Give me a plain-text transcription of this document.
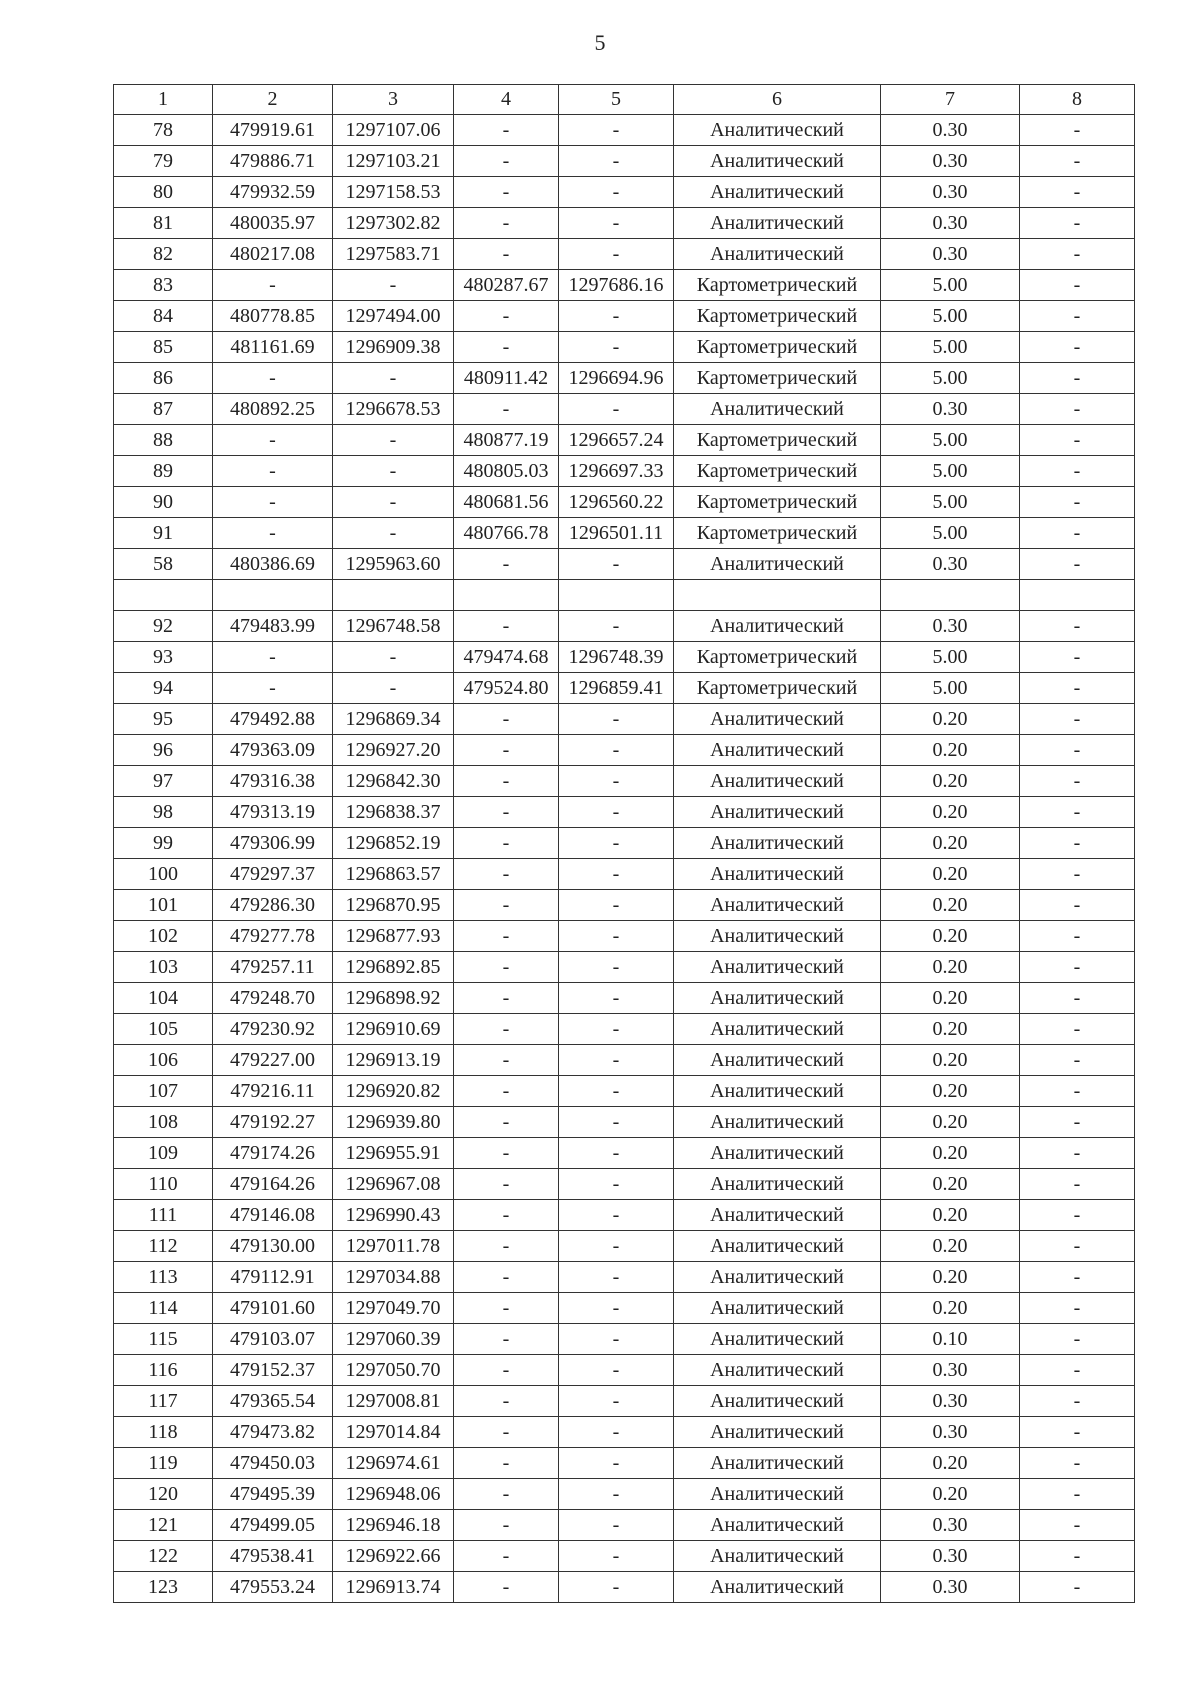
5
1	2	3	4	5	6	7	8
78	479919.61	1297107.06	-	-	Аналитический	0.30	-
79	479886.71	1297103.21	-	-	Аналитический	0.30	-
80	479932.59	1297158.53	-	-	Аналитический	0.30	-
81	480035.97	1297302.82	-	-	Аналитический	0.30	-
82	480217.08	1297583.71	-	-	Аналитический	0.30	-
83	-	-	480287.67	1297686.16	Картометрический	5.00	-
84	480778.85	1297494.00	-	-	Картометрический	5.00	-
85	481161.69	1296909.38	-	-	Картометрический	5.00	-
86	-	-	480911.42	1296694.96	Картометрический	5.00	-
87	480892.25	1296678.53	-	-	Аналитический	0.30	-
88	-	-	480877.19	1296657.24	Картометрический	5.00	-
89	-	-	480805.03	1296697.33	Картометрический	5.00	-
90	-	-	480681.56	1296560.22	Картометрический	5.00	-
91	-	-	480766.78	1296501.11	Картометрический	5.00	-
58	480386.69	1295963.60	-	-	Аналитический	0.30	-

92	479483.99	1296748.58	-	-	Аналитический	0.30	-
93	-	-	479474.68	1296748.39	Картометрический	5.00	-
94	-	-	479524.80	1296859.41	Картометрический	5.00	-
95	479492.88	1296869.34	-	-	Аналитический	0.20	-
96	479363.09	1296927.20	-	-	Аналитический	0.20	-
97	479316.38	1296842.30	-	-	Аналитический	0.20	-
98	479313.19	1296838.37	-	-	Аналитический	0.20	-
99	479306.99	1296852.19	-	-	Аналитический	0.20	-
100	479297.37	1296863.57	-	-	Аналитический	0.20	-
101	479286.30	1296870.95	-	-	Аналитический	0.20	-
102	479277.78	1296877.93	-	-	Аналитический	0.20	-
103	479257.11	1296892.85	-	-	Аналитический	0.20	-
104	479248.70	1296898.92	-	-	Аналитический	0.20	-
105	479230.92	1296910.69	-	-	Аналитический	0.20	-
106	479227.00	1296913.19	-	-	Аналитический	0.20	-
107	479216.11	1296920.82	-	-	Аналитический	0.20	-
108	479192.27	1296939.80	-	-	Аналитический	0.20	-
109	479174.26	1296955.91	-	-	Аналитический	0.20	-
110	479164.26	1296967.08	-	-	Аналитический	0.20	-
111	479146.08	1296990.43	-	-	Аналитический	0.20	-
112	479130.00	1297011.78	-	-	Аналитический	0.20	-
113	479112.91	1297034.88	-	-	Аналитический	0.20	-
114	479101.60	1297049.70	-	-	Аналитический	0.20	-
115	479103.07	1297060.39	-	-	Аналитический	0.10	-
116	479152.37	1297050.70	-	-	Аналитический	0.30	-
117	479365.54	1297008.81	-	-	Аналитический	0.30	-
118	479473.82	1297014.84	-	-	Аналитический	0.30	-
119	479450.03	1296974.61	-	-	Аналитический	0.20	-
120	479495.39	1296948.06	-	-	Аналитический	0.20	-
121	479499.05	1296946.18	-	-	Аналитический	0.30	-
122	479538.41	1296922.66	-	-	Аналитический	0.30	-
123	479553.24	1296913.74	-	-	Аналитический	0.30	-
